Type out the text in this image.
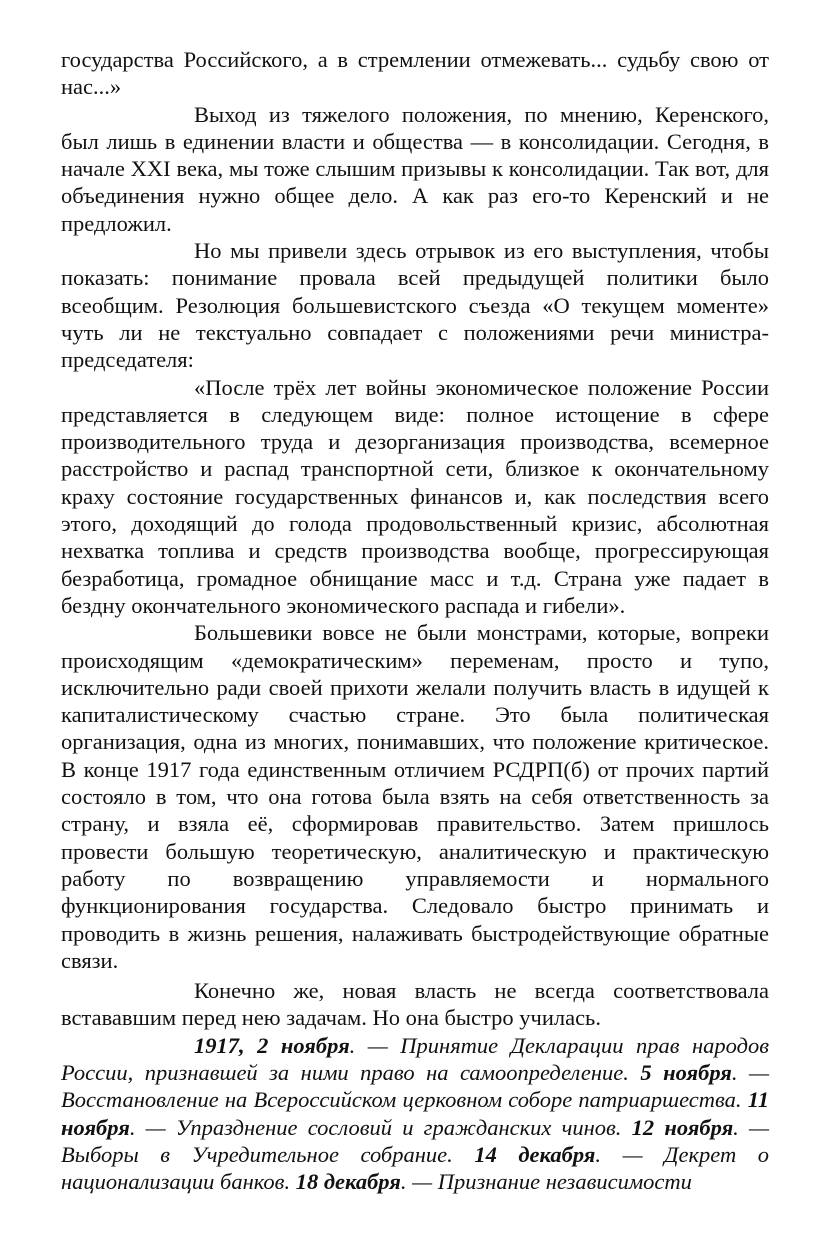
государства Российского, а в стремлении отмежевать... судьбу свою от нас...»

Выход из тяжелого положения, по мнению, Керенского, был лишь в единении власти и общества — в консолидации. Сегодня, в начале XXI века, мы тоже слышим призывы к консолидации. Так вот, для объединения нужно общее дело. А как раз его-то Керенский и не предложил.

Но мы привели здесь отрывок из его выступления, чтобы показать: понимание провала всей предыдущей политики было всеобщим. Резолюция большевистского съезда «О текущем моменте» чуть ли не текстуально совпадает с положениями речи министра-председателя:

«После трёх лет войны экономическое положение России представляется в следующем виде: полное истощение в сфере производительного труда и дезорганизация производства, всемерное расстройство и распад транспортной сети, близкое к окончательному краху состояние государственных финансов и, как последствия всего этого, доходящий до голода продовольственный кризис, абсолютная нехватка топлива и средств производства вообще, прогрессирующая безработица, громадное обнищание масс и т.д. Страна уже падает в бездну окончательного экономического распада и гибели».

Большевики вовсе не были монстрами, которые, вопреки происходящим «демократическим» переменам, просто и тупо, исключительно ради своей прихоти желали получить власть в идущей к капиталистическому счастью стране. Это была политическая организация, одна из многих, понимавших, что положение критическое. В конце 1917 года единственным отличием РСДРП(б) от прочих партий состояло в том, что она готова была взять на себя ответственность за страну, и взяла её, сформировав правительство. Затем пришлось провести большую теоретическую, аналитическую и практическую работу по возвращению управляемости и нормального функционирования государства. Следовало быстро принимать и проводить в жизнь решения, налаживать быстродействующие обратные связи.

Конечно же, новая власть не всегда соответствовала встававшим перед нею задачам. Но она быстро училась.

1917, 2 ноября. — Принятие Декларации прав народов России, признавшей за ними право на самоопределение. 5 ноября. — Восстановление на Всероссийском церковном соборе патриаршества. 11 ноября. — Упразднение сословий и гражданских чинов. 12 ноября. — Выборы в Учредительное собрание. 14 декабря. — Декрет о национализации банков. 18 декабря. — Признание независимости
